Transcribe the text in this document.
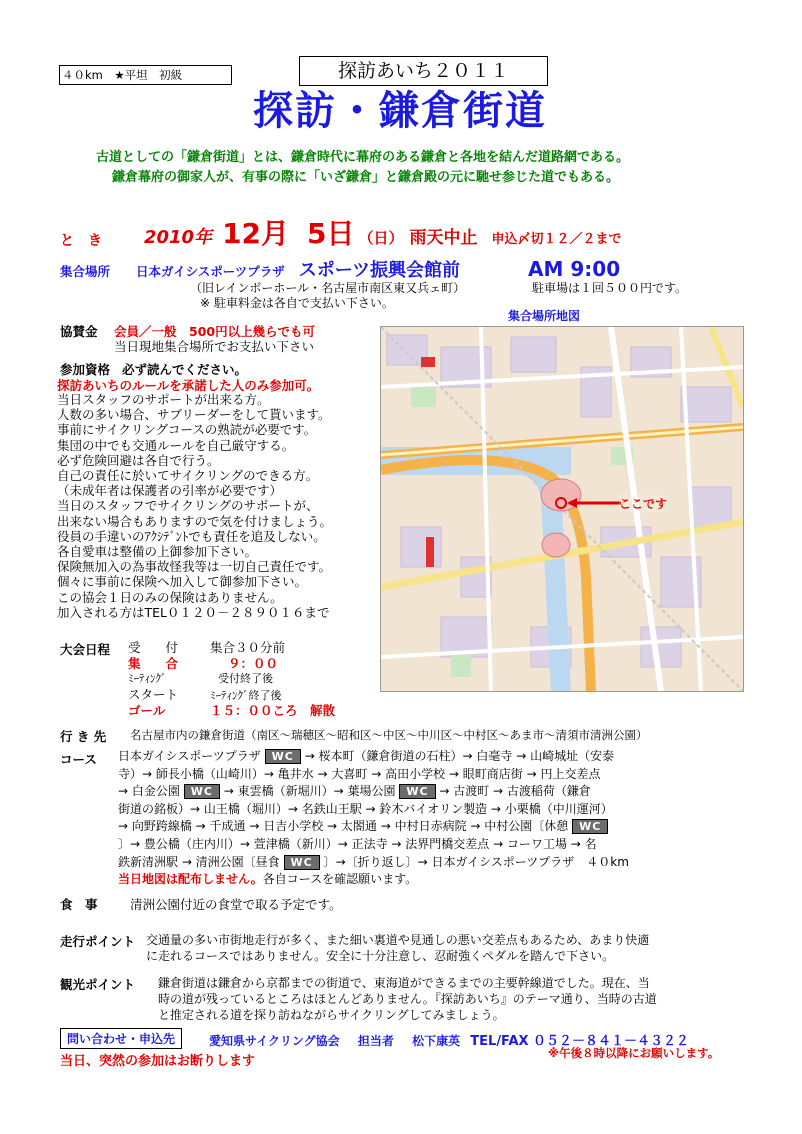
４０km　★平坦　初級	探訪あいち２０１１
探訪・鎌倉街道
古道としての「鎌倉街道」とは、鎌倉時代に幕府のある鎌倉と各地を結んだ道路網である。
鎌倉幕府の御家人が、有事の際に「いざ鎌倉」と鎌倉殿の元に馳せ参じた道でもある。
と　き 2010年 12月 5日 （日） 雨天中止 申込〆切１２／２まで
集合場所 日本ガイシスポーツプラザ スポーツ振興会館前	AM 9:00
（旧レインボーホール・名古屋市南区東又兵ェ町）	駐車場は１回５００円です。
※ 駐車料金は各自で支払い下さい。
集合場所地図
ここです
協賛金 会員／一般　500円以上幾らでも可
当日現地集合場所でお支払い下さい
参加資格 必ず読んでください。
探訪あいちのルールを承諾した人のみ参加可。
当日スタッフのサポートが出来る方。
人数の多い場合、サブリーダーをして貰います。
事前にサイクリングコースの熟読が必要です。
集団の中でも交通ルールを自己厳守する。
必ず危険回避は各自で行う。
自己の責任に於いてサイクリングのできる方。
（未成年者は保護者の引率が必要です）
当日のスタッフでサイクリングのサポートが、
出来ない場合もありますので気を付けましょう。
役員の手違いのｱｸｼﾃﾞﾝﾄでも責任を追及しない。
各自愛車は整備の上御参加下さい。
保険無加入の為事故怪我等は一切自己責任です。
個々に事前に保険へ加入して御参加下さい。
この協会１日のみの保険はありません。
加入される方はTEL０１２０－２８９０１６まで
大会日程 受　　付	集合３０分前
集　　合	９：００
ﾐｰﾃｨﾝｸﾞ	受付終了後
スタート	ﾐｰﾃｨﾝｸﾞ終了後
ゴール	１５：００ころ　解散
行 き 先 名古屋市内の鎌倉街道（南区～瑞穂区～昭和区～中区～中川区～中村区～あま市～清須市清洲公園）
コース 日本ガイシスポーツプラザ WC → 桜本町（鎌倉街道の石柱）→ 白毫寺 → 山崎城址（安泰
寺）→ 師長小橋（山崎川）→ 亀井水 → 大喜町 → 高田小学校 → 眼町商店街 → 円上交差点
→ 白金公園 WC → 東雲橋（新堀川）→ 葉場公園 WC → 古渡町 → 古渡稲荷（鎌倉
街道の銘板）→ 山王橋（堀川）→ 名鉄山王駅 → 鈴木バイオリン製造 → 小栗橋（中川運河）
→ 向野跨線橋 → 千成通 → 日吉小学校 → 太閤通 → 中村日赤病院 → 中村公園〔休憩 WC
〕→ 豊公橋（庄内川）→ 萱津橋（新川）→ 正法寺 → 法界門橋交差点 → コーワ工場 → 名
鉄新清洲駅 → 清洲公園〔昼食 WC 〕→〔折り返し〕→ 日本ガイシスポーツプラザ　４０km
当日地図は配布しません。各自コースを確認願います。
食　事	清洲公園付近の食堂で取る予定です。
走行ポイント 交通量の多い市街地走行が多く、また細い裏道や見通しの悪い交差点もあるため、あまり快適
に走れるコースではありません。安全に十分注意し、忍耐強くペダルを踏んで下さい。
観光ポイント 鎌倉街道は鎌倉から京都までの街道で、東海道ができるまでの主要幹線道でした。現在、当
時の道が残っているところはほとんどありません。『探訪あいち』のテーマ通り、当時の古道
と推定される道を探り訪ねながらサイクリングしてみましょう。
問い合わせ・申込先	愛知県サイクリング協会 担当者 松下康英 TEL/FAX ０５２－８４１－４３２２
※午後８時以降にお願いします。
当日、突然の参加はお断りします
